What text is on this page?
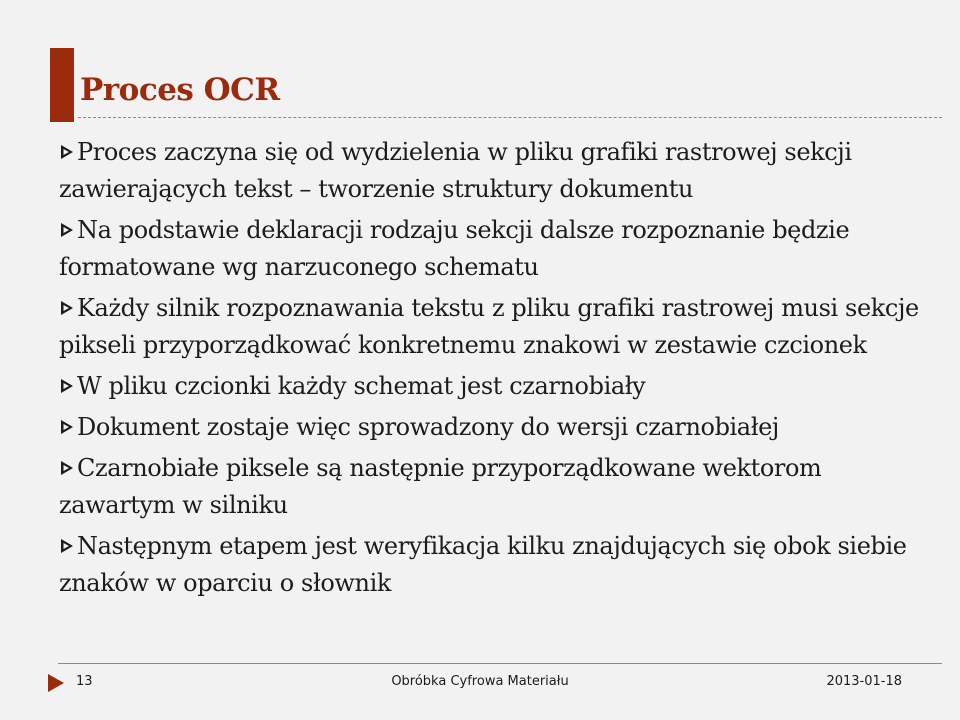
Proces OCR
Proces zaczyna się od wydzielenia w pliku grafiki rastrowej sekcji zawierających tekst – tworzenie struktury dokumentu
Na podstawie deklaracji rodzaju sekcji dalsze rozpoznanie będzie formatowane wg narzuconego schematu
Każdy silnik rozpoznawania tekstu z pliku grafiki rastrowej musi sekcje pikseli przyporządkować konkretnemu znakowi w zestawie czcionek
W pliku czcionki każdy schemat jest czarnobiały
Dokument zostaje więc sprowadzony do wersji czarnobiałej
Czarnobiałe piksele są następnie przyporządkowane wektorom zawartym w silniku
Następnym etapem jest weryfikacja kilku znajdujących się obok siebie znaków w oparciu o słownik
13	Obróbka Cyfrowa Materiału	2013-01-18
